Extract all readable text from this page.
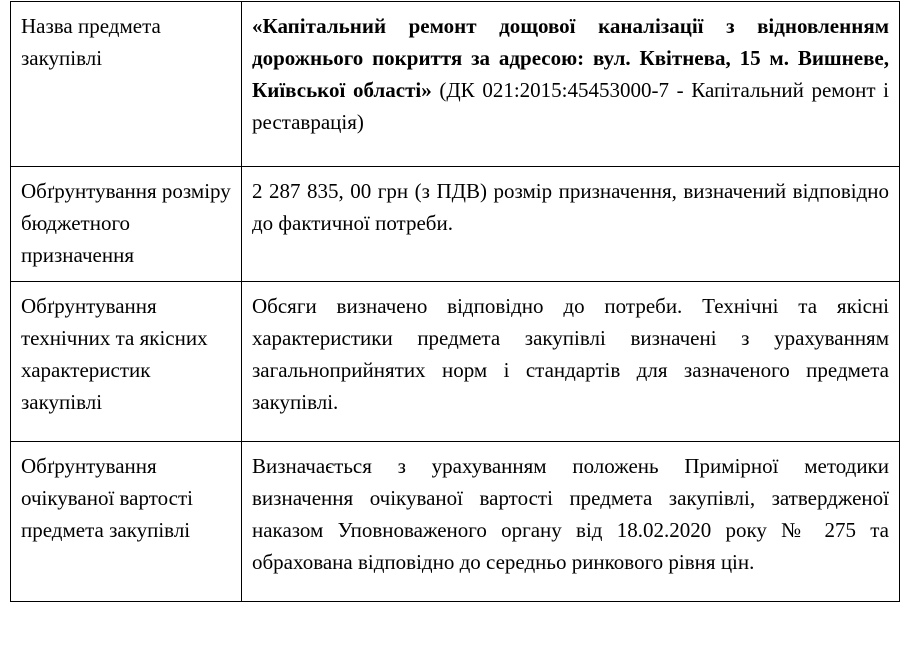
Назва предмета закупівлі	«Капітальний ремонт дощової каналізації з відновленням дорожнього покриття за адресою: вул. Квітнева, 15 м. Вишневе, Київської області» (ДК 021:2015:45453000-7 - Капітальний ремонт і реставрація)
Обґрунтування розміру бюджетного призначення	2 287 835, 00 грн (з ПДВ) розмір призначення, визначений відповідно до фактичної потреби.
Обґрунтування технічних та якісних характеристик закупівлі	Обсяги визначено відповідно до потреби. Технічні та якісні характеристики предмета закупівлі визначені з урахуванням загальноприйнятих норм і стандартів для зазначеного предмета закупівлі.
Обґрунтування очікуваної вартості предмета закупівлі	Визначається з урахуванням положень Примірної методики визначення очікуваної вартості предмета закупівлі, затвердженої наказом Уповноваженого органу від 18.02.2020 року № 275 та обрахована відповідно до середньо ринкового рівня цін.
